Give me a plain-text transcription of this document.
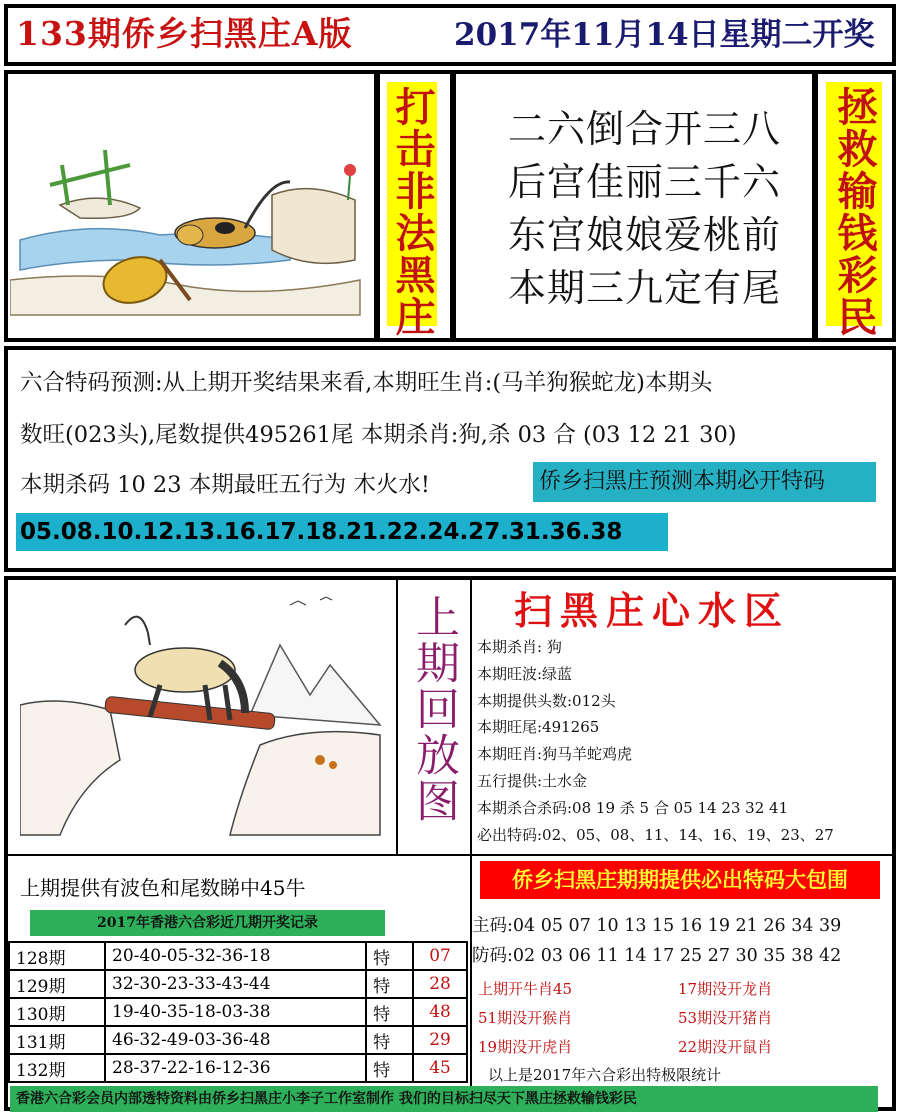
133期侨乡扫黑庄A版	2017年11月14日星期二开奖
打击非法黑庄 二六倒合开三八
后宫佳丽三千六
东宫娘娘爱桃前
本期三九定有尾 拯救输钱彩民
六合特码预测:从上期开奖结果来看,本期旺生肖:(马羊狗猴蛇龙)本期头
数旺(023头),尾数提供495261尾 本期杀肖:狗,杀 03 合 (03 12 21 30)
本期杀码 10 23 本期最旺五行为 木火水!	侨乡扫黑庄预测本期必开特码
05.08.10.12.13.16.17.18.21.22.24.27.31.36.38
上期回放图 扫黑庄心水区
本期杀肖: 狗
本期旺波:绿蓝
本期提供头数:012头
本期旺尾:491265
本期旺肖:狗马羊蛇鸡虎
五行提供:土水金
本期杀合杀码:08 19 杀 5 合 05 14 23 32 41
必出特码:02、05、08、11、14、16、19、23、27
上期提供有波色和尾数睇中45牛	侨乡扫黑庄期期提供必出特码大包围
2017年香港六合彩近几期开奖记录	主码:04 05 07 10 13 15 16 19 21 26 34 39
防码:02 03 06 11 14 17 25 27 30 35 38 42
128期	20-40-05-32-36-18	特	07
129期	32-30-23-33-43-44	特	28
130期	19-40-35-18-03-38	特	48
131期	46-32-49-03-36-48	特	29
132期	28-37-22-16-12-36	特	45
上期开牛肖45	17期没开龙肖
51期没开猴肖	53期没开猪肖
19期没开虎肖	22期没开鼠肖
以上是2017年六合彩出特极限统计
香港六合彩会员内部透特资料由侨乡扫黑庄小李子工作室制作 我们的目标扫尽天下黑庄拯救输钱彩民
